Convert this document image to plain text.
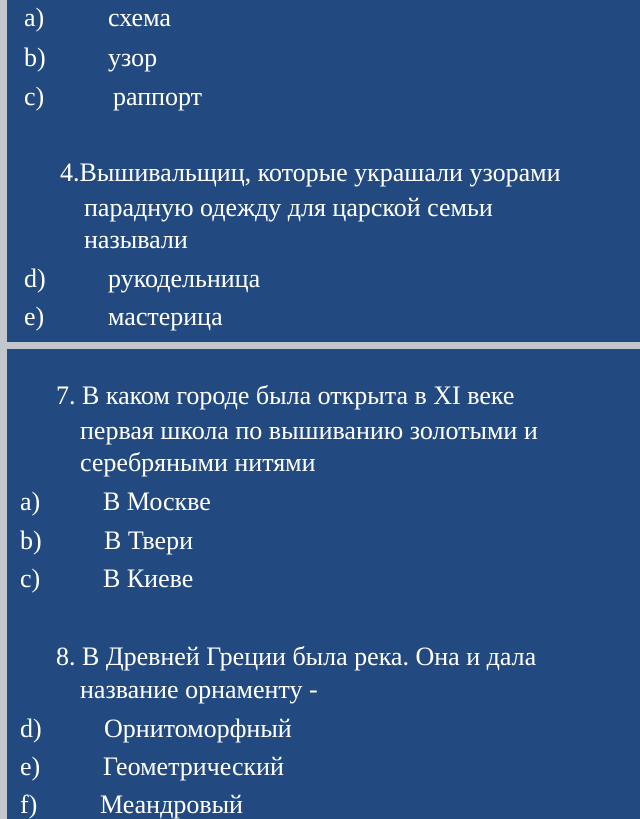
a) схема
b) узор
c)	раппорт
4.Вышивальщиц, которые украшали узорами
парадную одежду для царской семьи
называли
d) рукодельница
e) мастерица
7. В каком городе была открыта в XI веке
первая школа по вышиванию золотыми и
серебряными нитями
a) В Москве
b) В Твери
c) В Киеве
8. В Древней Греции была река. Она и дала
название орнаменту -
d) Орнитоморфный
e) Геометрический
f) Меандровый
